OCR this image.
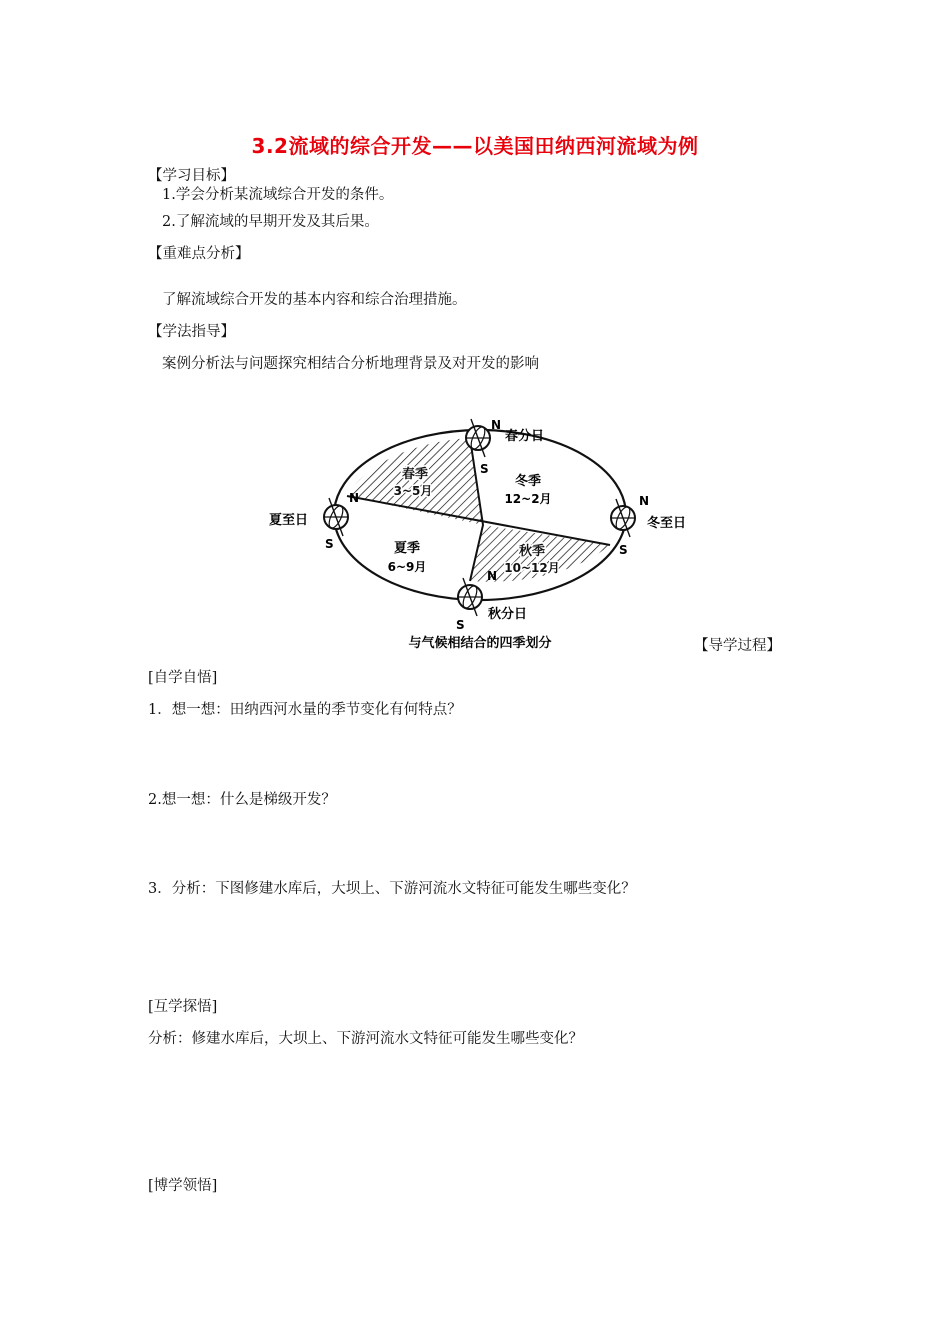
3.2流域的综合开发——以美国田纳西河流域为例
【学习目标】
1.学会分析某流域综合开发的条件。
2.了解流域的早期开发及其后果。
【重难点分析】
了解流域综合开发的基本内容和综合治理措施。
【学法指导】
案例分析法与问题探究相结合分析地理背景及对开发的影响
N
S
N
S
N
S
N
S
春分日
夏至日	冬至日
秋分日
春季
3~5月
冬季
12~2月
夏季
6~9月
秋季
10~12月
与气候相结合的四季划分	【导学过程】
[自学自悟]
1．想一想：田纳西河水量的季节变化有何特点？
2.想一想：什么是梯级开发？
3．分析：下图修建水库后，大坝上、下游河流水文特征可能发生哪些变化？
[互学探悟]
分析：修建水库后，大坝上、下游河流水文特征可能发生哪些变化？
[博学领悟]
